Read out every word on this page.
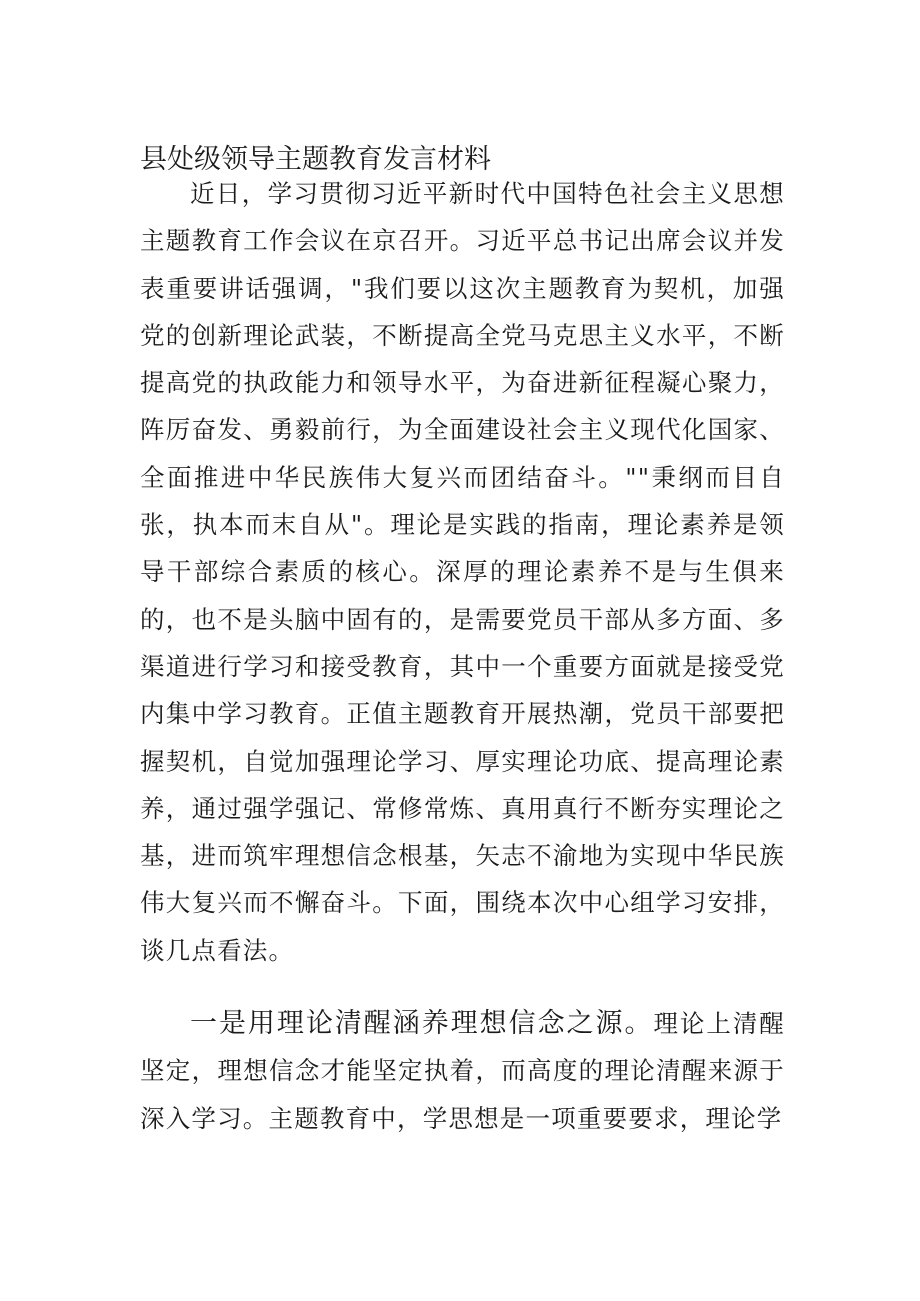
县处级领导主题教育发言材料

近日，学习贯彻习近平新时代中国特色社会主义思想主题教育工作会议在京召开。习近平总书记出席会议并发表重要讲话强调，"我们要以这次主题教育为契机，加强党的创新理论武装，不断提高全党马克思主义水平，不断提高党的执政能力和领导水平，为奋进新征程凝心聚力，阵厉奋发、勇毅前行，为全面建设社会主义现代化国家、全面推进中华民族伟大复兴而团结奋斗。""秉纲而目自张，执本而末自从"。理论是实践的指南，理论素养是领导干部综合素质的核心。深厚的理论素养不是与生俱来的，也不是头脑中固有的，是需要党员干部从多方面、多渠道进行学习和接受教育，其中一个重要方面就是接受党内集中学习教育。正值主题教育开展热潮，党员干部要把握契机，自觉加强理论学习、厚实理论功底、提高理论素养，通过强学强记、常修常炼、真用真行不断夯实理论之基，进而筑牢理想信念根基，矢志不渝地为实现中华民族伟大复兴而不懈奋斗。下面，围绕本次中心组学习安排，谈几点看法。

一是用理论清醒涵养理想信念之源。理论上清醒坚定，理想信念才能坚定执着，而高度的理论清醒来源于深入学习。主题教育中，学思想是一项重要要求，理论学
